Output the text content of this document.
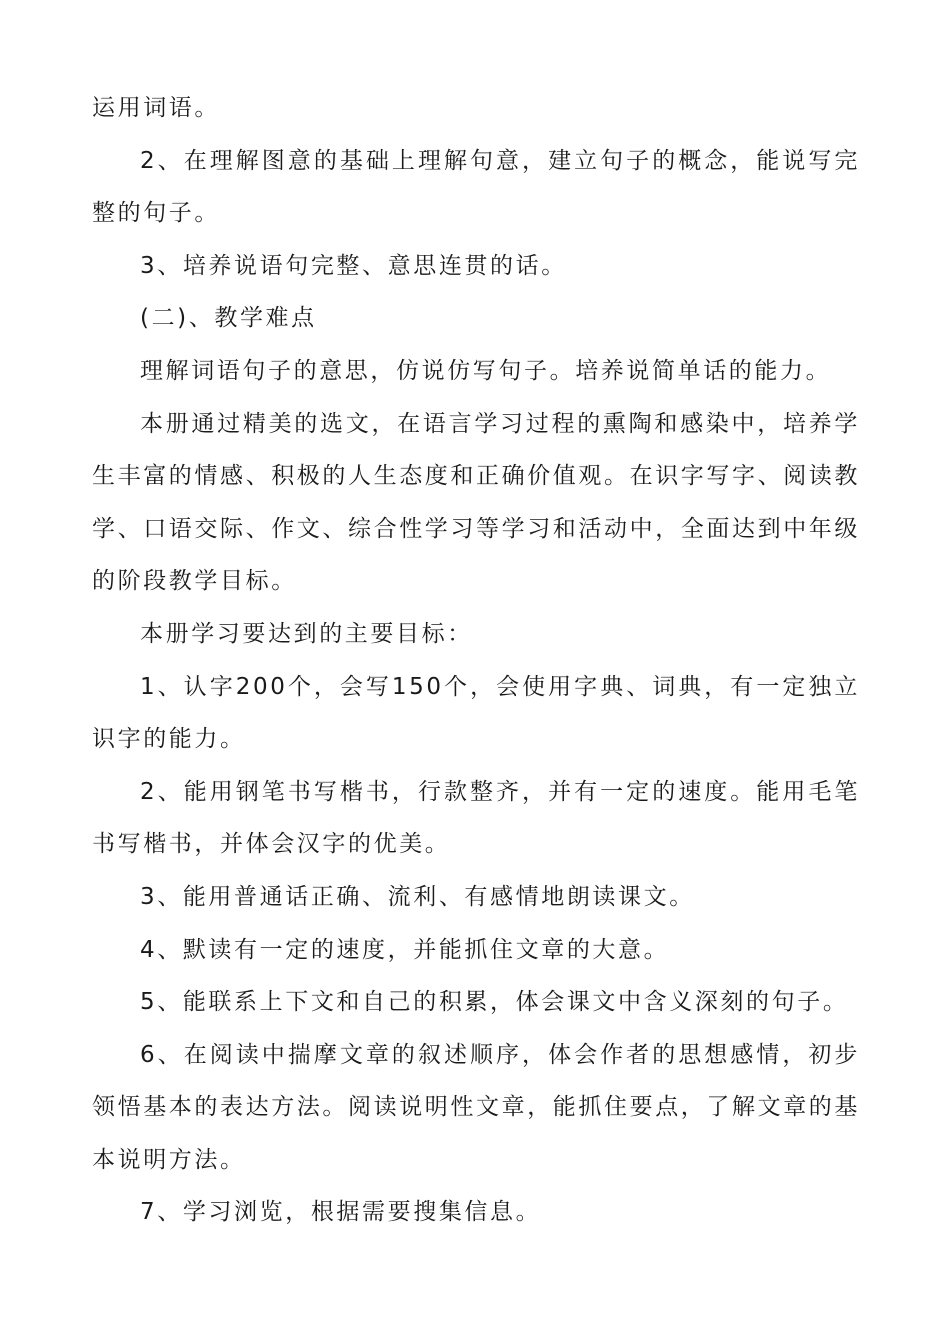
运用词语。

2、在理解图意的基础上理解句意，建立句子的概念，能说写完整的句子。

3、培养说语句完整、意思连贯的话。

(二)、教学难点

理解词语句子的意思，仿说仿写句子。培养说简单话的能力。

本册通过精美的选文，在语言学习过程的熏陶和感染中，培养学生丰富的情感、积极的人生态度和正确价值观。在识字写字、阅读教学、口语交际、作文、综合性学习等学习和活动中，全面达到中年级的阶段教学目标。

本册学习要达到的主要目标：

1、认字200个，会写150个，会使用字典、词典，有一定独立识字的能力。

2、能用钢笔书写楷书，行款整齐，并有一定的速度。能用毛笔书写楷书，并体会汉字的优美。

3、能用普通话正确、流利、有感情地朗读课文。

4、默读有一定的速度，并能抓住文章的大意。

5、能联系上下文和自己的积累，体会课文中含义深刻的句子。

6、在阅读中揣摩文章的叙述顺序，体会作者的思想感情，初步领悟基本的表达方法。阅读说明性文章，能抓住要点，了解文章的基本说明方法。

7、学习浏览，根据需要搜集信息。
